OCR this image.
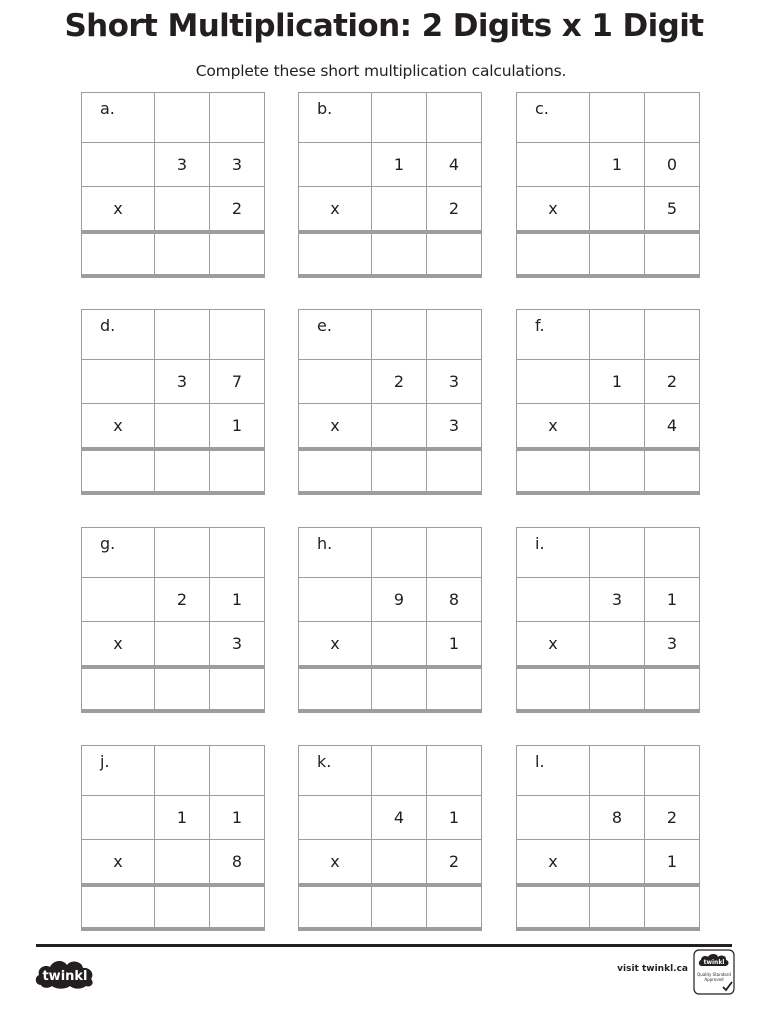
Short Multiplication: 2 Digits x 1 Digit
Complete these short multiplication calculations.
a.		
	3	3
x		2

b.		
	1	4
x		2

c.		
	1	0
x		5

d.		
	3	7
x		1

e.		
	2	3
x		3

f.		
	1	2
x		4

g.		
	2	1
x		3

h.		
	9	8
x		1

i.		
	3	1
x		3

j.		
	1	1
x		8

k.		
	4	1
x		2

l.		
	8	2
x		1

twinkl	visit twinkl.ca
twinkl
Quality Standard
Approved
